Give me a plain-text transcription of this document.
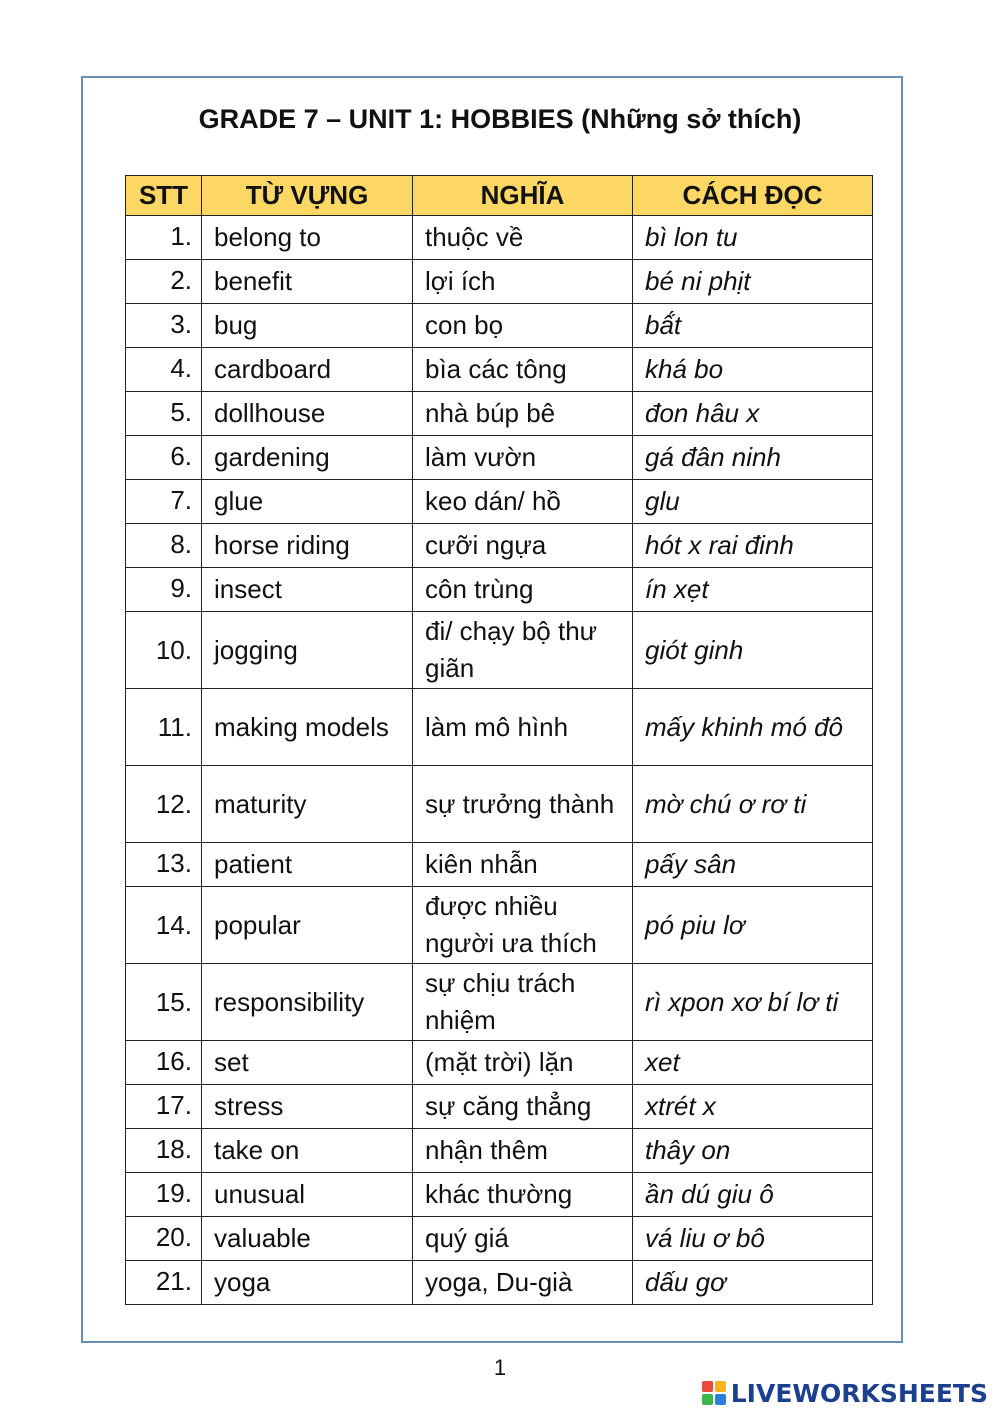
GRADE 7 – UNIT 1: HOBBIES (Những sở thích)
STT	TỪ VỰNG	NGHĨA	CÁCH ĐỌC
1.	belong to	thuộc về	bì lon tu
2.	benefit	lợi ích	bé ni phịt
3.	bug	con bọ	bấ́t
4.	cardboard	bìa các tông	khá bo
5.	dollhouse	nhà búp bê	đon hâu x
6.	gardening	làm vườn	gá đân ninh
7.	glue	keo dán/ hồ	glu
8.	horse riding	cưỡi ngựa	hót x rai đinh
9.	insect	côn trùng	ín xẹt
10.	jogging	đi/ chạy bộ thư giãn	giót ginh
11.	making models	làm mô hình	mấy khinh mó đô
12.	maturity	sự trưởng thành	mờ chú ơ rơ ti
13.	patient	kiên nhẫn	pấy sân
14.	popular	được nhiều người ưa thích	pó piu lơ
15.	responsibility	sự chịu trách nhiệm	rì xpon xơ bí lơ ti
16.	set	(mặt trời) lặn	xet
17.	stress	sự căng thẳng	xtrét x
18.	take on	nhận thêm	thây on
19.	unusual	khác thường	ần dú giu ô
20.	valuable	quý giá	vá liu ơ bô
21.	yoga	yoga, Du-già	dấu gơ
1
LIVEWORKSHEETS
